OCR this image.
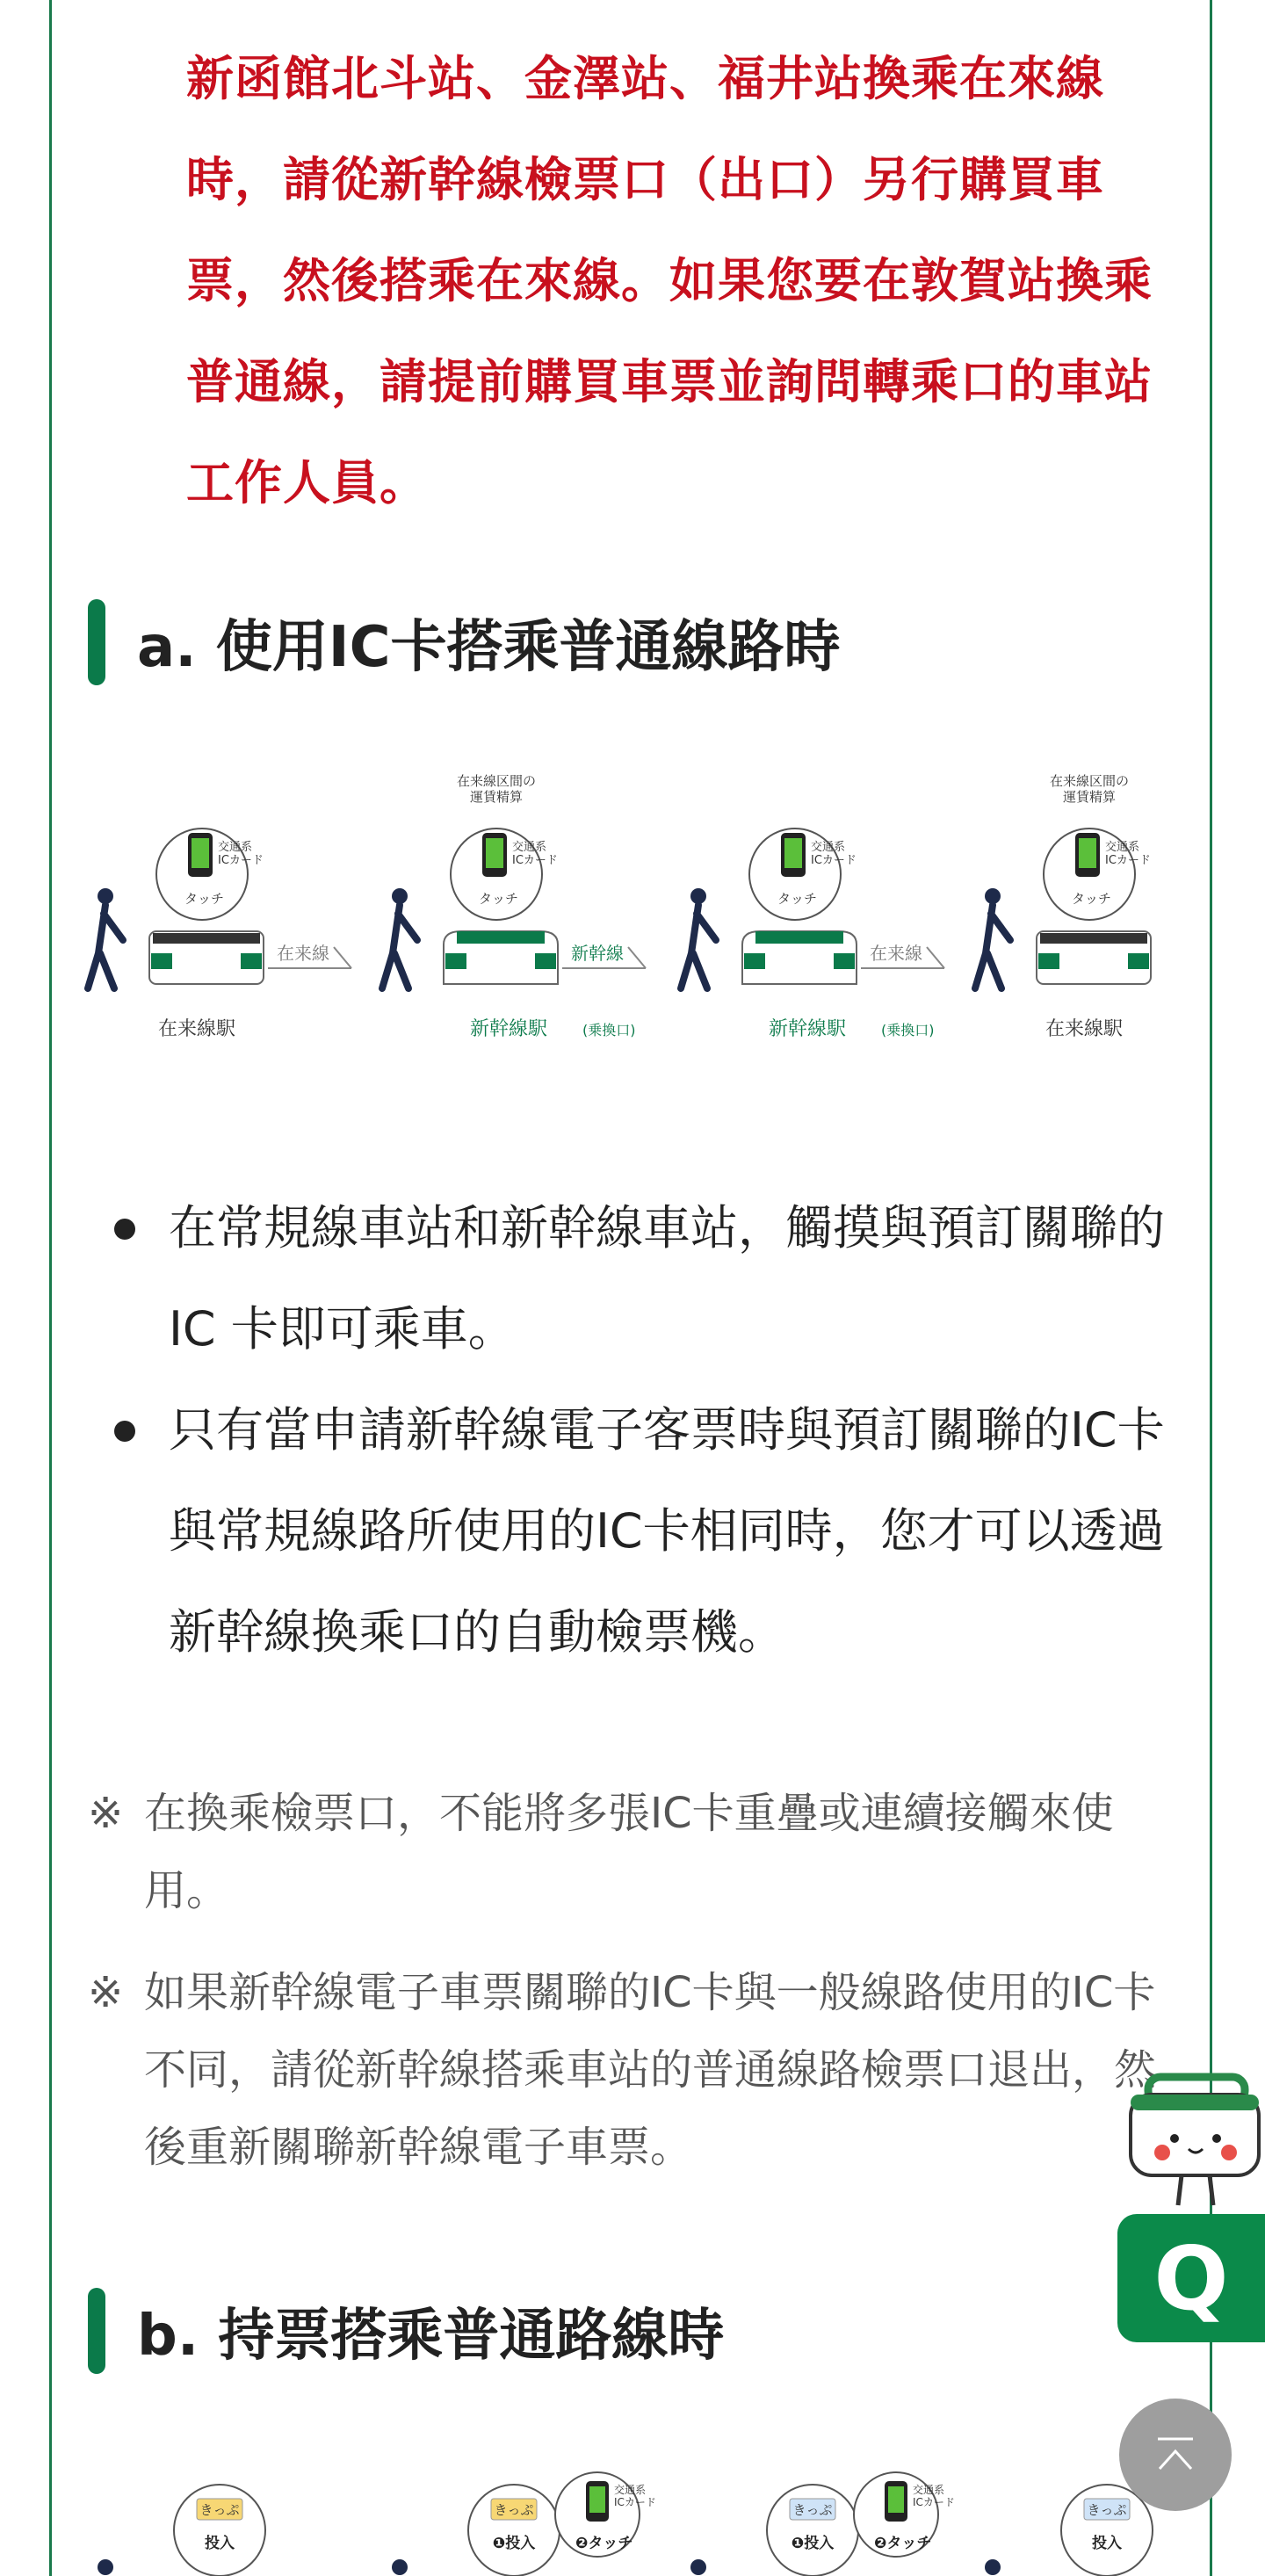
新函館北斗站、金澤站、福井站換乘在來線時，請從新幹線檢票口（出口）另行購買車票，然後搭乘在來線。如果您要在敦賀站換乘普通線，請提前購買車票並詢問轉乘口的車站工作人員。
a. 使用IC卡搭乘普通線路時
交通系
ICカード
タッチ
在来線駅
交通系
ICカード
タッチ
新幹線駅 (乗換口)
交通系
ICカード
タッチ
新幹線駅 (乗換口)
交通系
ICカード
タッチ
在来線駅
在来線区間の
運賃精算
在来線区間の
運賃精算
在来線	新幹線	在来線
在常規線車站和新幹線車站，觸摸與預訂關聯的 IC 卡即可乘車。
只有當申請新幹線電子客票時與預訂關聯的IC卡與常規線路所使用的IC卡相同時，您才可以透過新幹線換乘口的自動檢票機。
※ 在換乘檢票口，不能將多張IC卡重疊或連續接觸來使用。
※ 如果新幹線電子車票關聯的IC卡與一般線路使用的IC卡不同，請從新幹線搭乘車站的普通線路檢票口退出，然後重新關聯新幹線電子車票。
b. 持票搭乘普通路線時
きっぷ
投入
きっぷ
❶投入
交通系
ICカード
❷タッチ
きっぷ
❶投入
交通系
ICカード
❷タッチ
きっぷ
投入
Q
